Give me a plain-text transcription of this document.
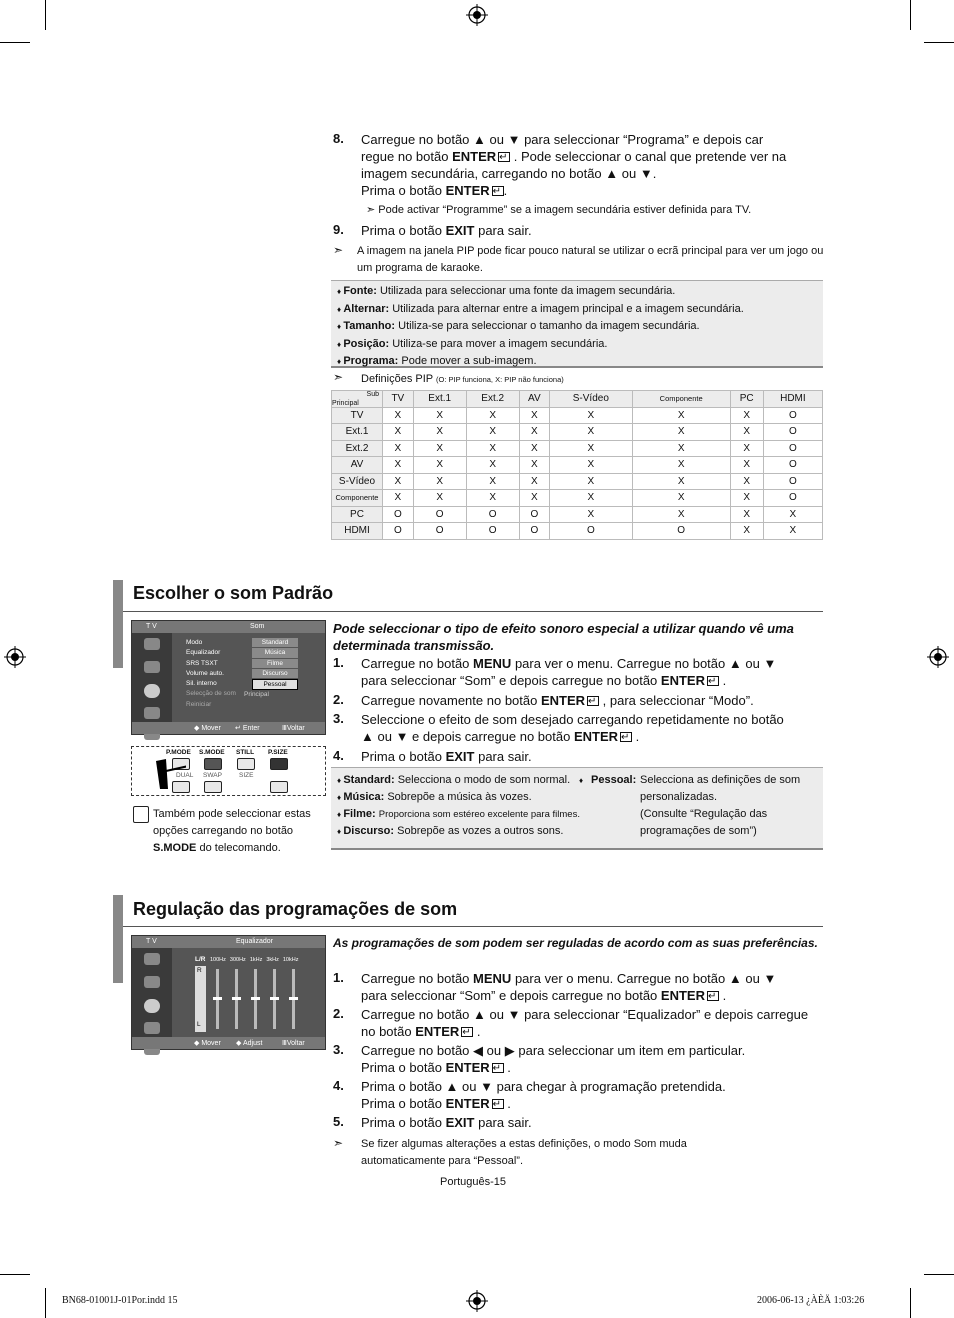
8. Carregue no botão ▲ ou ▼ para seleccionar “Programa” e depois car
regue no botão ENTER ↵ . Pode seleccionar o canal que pretende ver na
imagem secundária, carregando no botão ▲ ou ▼.
Prima o botão ENTER ↵ .
➣ Pode activar “Programme” se a imagem secundária estiver definida para TV.
9. Prima o botão EXIT para sair.
➣ A imagem na janela PIP pode ficar pouco natural se utilizar o ecrã principal para ver um jogo ou um programa de karaoke.
♦ Fonte: Utilizada para seleccionar uma fonte da imagem secundária.
♦ Alternar: Utilizada para alternar entre a imagem principal e a imagem secundária.
♦ Tamanho: Utiliza-se para seleccionar o tamanho da imagem secundária.
♦ Posição: Utiliza-se para mover a imagem secundária.
♦ Programa: Pode mover a sub-imagem.
➣ Definições PIP (O: PIP funciona, X: PIP não funciona)
Sub
Principal	TV	Ext.1	Ext.2	AV	S-Vídeo	Componente	PC	HDMI
TV	X	X	X	X	X	X	X	O
Ext.1	X	X	X	X	X	X	X	O
Ext.2	X	X	X	X	X	X	X	O
AV	X	X	X	X	X	X	X	O
S-Vídeo	X	X	X	X	X	X	X	O
Componente	X	X	X	X	X	X	X	O
PC	O	O	O	O	X	X	X	X
HDMI	O	O	O	O	O	O	X	X
Escolher o som Padrão
T V	Som
Modo
Equalizador
SRS TSXT
Volume auto.
Sil. interno
Selecção de som
Reiniciar
Standard
Música
Filme
Discurso
Pessoal
Principal
◆ Mover ↵ Enter	ⅢVoltar
P.MODE S.MODE STILL P.SIZE
DUAL SWAP	SIZE
Também pode seleccionar estas opções carregando no botão S.MODE do telecomando.
Pode seleccionar o tipo de efeito sonoro especial a utilizar quando vê uma determinada transmissão.
1. Carregue no botão MENU para ver o menu. Carregue no botão ▲ ou ▼
para seleccionar “Som” e depois carregue no botão ENTER↵ .
2. Carregue novamente no botão ENTER ↵ , para seleccionar “Modo”.
3. Seleccione o efeito de som desejado carregando repetidamente no botão
▲ ou ▼ e depois carregue no botão ENTER↵ .
4. Prima o botão EXIT para sair.
♦ Standard: Selecciona o modo de som normal.
♦ Música: Sobrepõe a música às vozes.
♦ Filme: Proporciona som estéreo excelente para filmes.
♦ Discurso: Sobrepõe as vozes a outros sons.
♦ Pessoal: Selecciona as definições de som personalizadas.
(Consulte “Regulação das programações de som”)
Regulação das programações de som
T V	Equalizador
L/R 100Hz 300Hz 1kHz 3kHz 10kHz
R
L
◆ Mover ◆ Adjust	ⅢVoltar
As programações de som podem ser reguladas de acordo com as suas preferências.
1. Carregue no botão MENU para ver o menu. Carregue no botão ▲ ou ▼
para seleccionar “Som” e depois carregue no botão ENTER↵ .
2. Carregue no botão ▲ ou ▼ para seleccionar “Equalizador” e depois carregue no botão ENTER↵ .
3. Carregue no botão ◀ ou ▶ para seleccionar um item em particular.
Prima o botão ENTER↵ .
4. Prima o botão ▲ ou ▼ para chegar à programação pretendida.
Prima o botão ENTER↵ .
5. Prima o botão EXIT para sair.
➣ Se fizer algumas alterações a estas definições, o modo Som muda automaticamente para “Pessoal”.
Português-15
BN68-01001J-01Por.indd 15	2006-06-13 ¿ÀÈÄ 1:03:26
